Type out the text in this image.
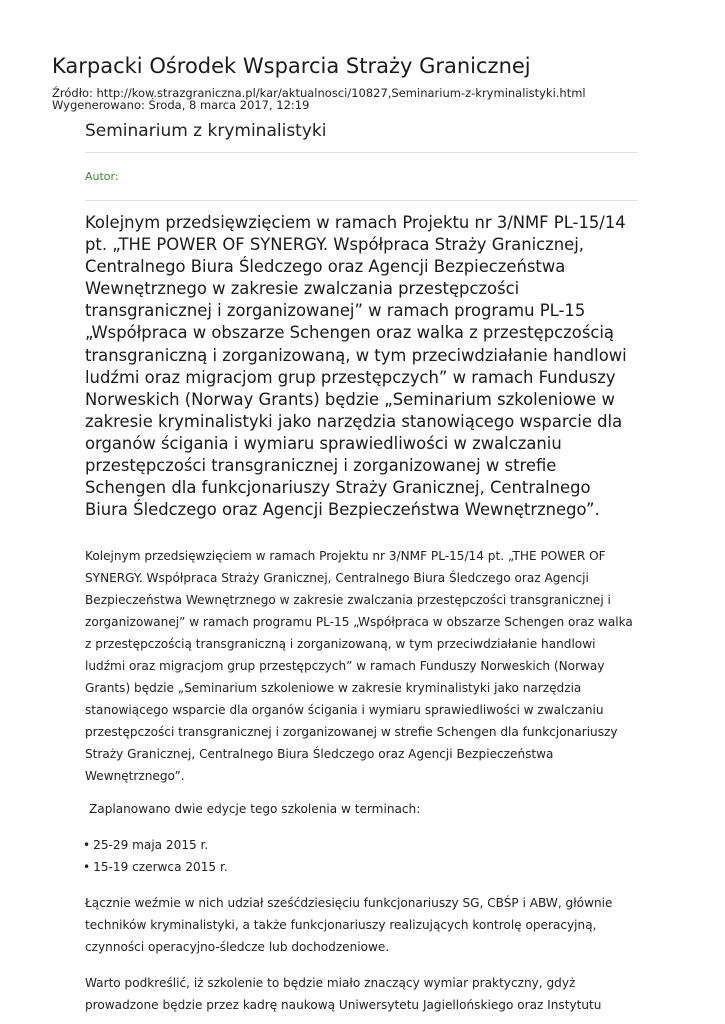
Karpacki Ośrodek Wsparcia Straży Granicznej
Źródło: http://kow.strazgraniczna.pl/kar/aktualnosci/10827,Seminarium-z-kryminalistyki.html
Wygenerowano: Środa, 8 marca 2017, 12:19
Seminarium z kryminalistyki
Autor:
Kolejnym przedsięwzięciem w ramach Projektu nr 3/NMF PL-15/14 pt. „THE POWER OF SYNERGY. Współpraca Straży Granicznej, Centralnego Biura Śledczego oraz Agencji Bezpieczeństwa Wewnętrznego w zakresie zwalczania przestępczości transgranicznej i zorganizowanej” w ramach programu PL-15 „Współpraca w obszarze Schengen oraz walka z przestępczością transgraniczną i zorganizowaną, w tym przeciwdziałanie handlowi ludźmi oraz migracjom grup przestępczych” w ramach Funduszy Norweskich (Norway Grants) będzie „Seminarium szkoleniowe w zakresie kryminalistyki jako narzędzia stanowiącego wsparcie dla organów ścigania i wymiaru sprawiedliwości w zwalczaniu przestępczości transgranicznej i zorganizowanej w strefie Schengen dla funkcjonariuszy Straży Granicznej, Centralnego Biura Śledczego oraz Agencji Bezpieczeństwa Wewnętrznego”.
Kolejnym przedsięwzięciem w ramach Projektu nr 3/NMF PL-15/14 pt. „THE POWER OF SYNERGY. Współpraca Straży Granicznej, Centralnego Biura Śledczego oraz Agencji Bezpieczeństwa Wewnętrznego w zakresie zwalczania przestępczości transgranicznej i zorganizowanej” w ramach programu PL-15 „Współpraca w obszarze Schengen oraz walka z przestępczością transgraniczną i zorganizowaną, w tym przeciwdziałanie handlowi ludźmi oraz migracjom grup przestępczych” w ramach Funduszy Norweskich (Norway Grants) będzie „Seminarium szkoleniowe w zakresie kryminalistyki jako narzędzia stanowiącego wsparcie dla organów ścigania i wymiaru sprawiedliwości w zwalczaniu przestępczości transgranicznej i zorganizowanej w strefie Schengen dla funkcjonariuszy Straży Granicznej, Centralnego Biura Śledczego oraz Agencji Bezpieczeństwa Wewnętrznego”.
Zaplanowano dwie edycje tego szkolenia w terminach:
• 25-29 maja 2015 r.
• 15-19 czerwca 2015 r.
Łącznie weźmie w nich udział sześćdziesięciu funkcjonariuszy SG, CBŚP i ABW, głównie techników kryminalistyki, a także funkcjonariuszy realizujących kontrolę operacyjną, czynności operacyjno-śledcze lub dochodzeniowe.
Warto podkreślić, iż szkolenie to będzie miało znaczący wymiar praktyczny, gdyż prowadzone będzie przez kadrę naukową Uniwersytetu Jagiellońskiego oraz Instytutu
